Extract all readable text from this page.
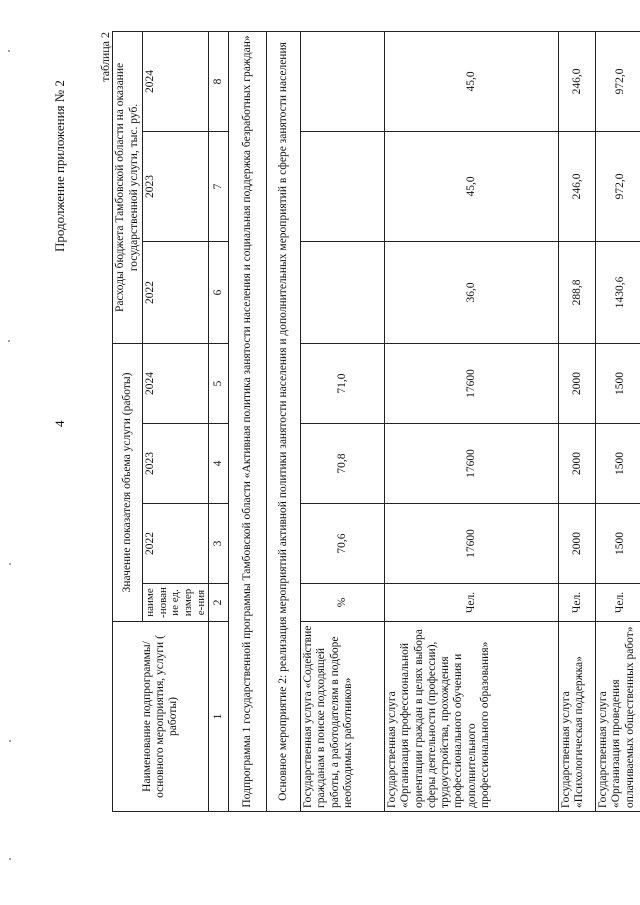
4
Продолжение приложения № 2
таблица 2
Наименование подпрограммы/ основного мероприятия, услуги ( работы)	Значение показателя объема услуги (работы)				Расходы бюджета Тамбовской области на оказание государственной услуги, тыс. руб.		
	наиме-нование ед. измере-ния	2022	2023	2024	2022	2023	2024
1	2	3	4	5	6	7	8
Подпрограмма 1 государственной программы Тамбовской области «Активная политика занятости населения и социальная поддержка безработных граждан»							
Основное мероприятие 2: реализация мероприятий активной политики занятости населения и дополнительных мероприятий в сфере занятости населения							
Государственная услуга «Содействие гражданам в поиске подходящей работы, а работодателям в подборе необходимых работников»	%	70,6	70,8	71,0			
Государственная услуга «Организация профессиональной ориентации граждан в целях выбора сферы деятельности (профессии), трудоустройства, прохождения профессионального обучения и дополнительного профессионального образования»	Чел.	17600	17600	17600	36,0	45,0	45,0
Государственная услуга «Психологическая поддержка»	Чел.	2000	2000	2000	288,8	246,0	246,0
Государственная услуга «Организация проведения оплачиваемых общественных работ»	Чел.	1500	1500	1500	1430,6	972,0	972,0
